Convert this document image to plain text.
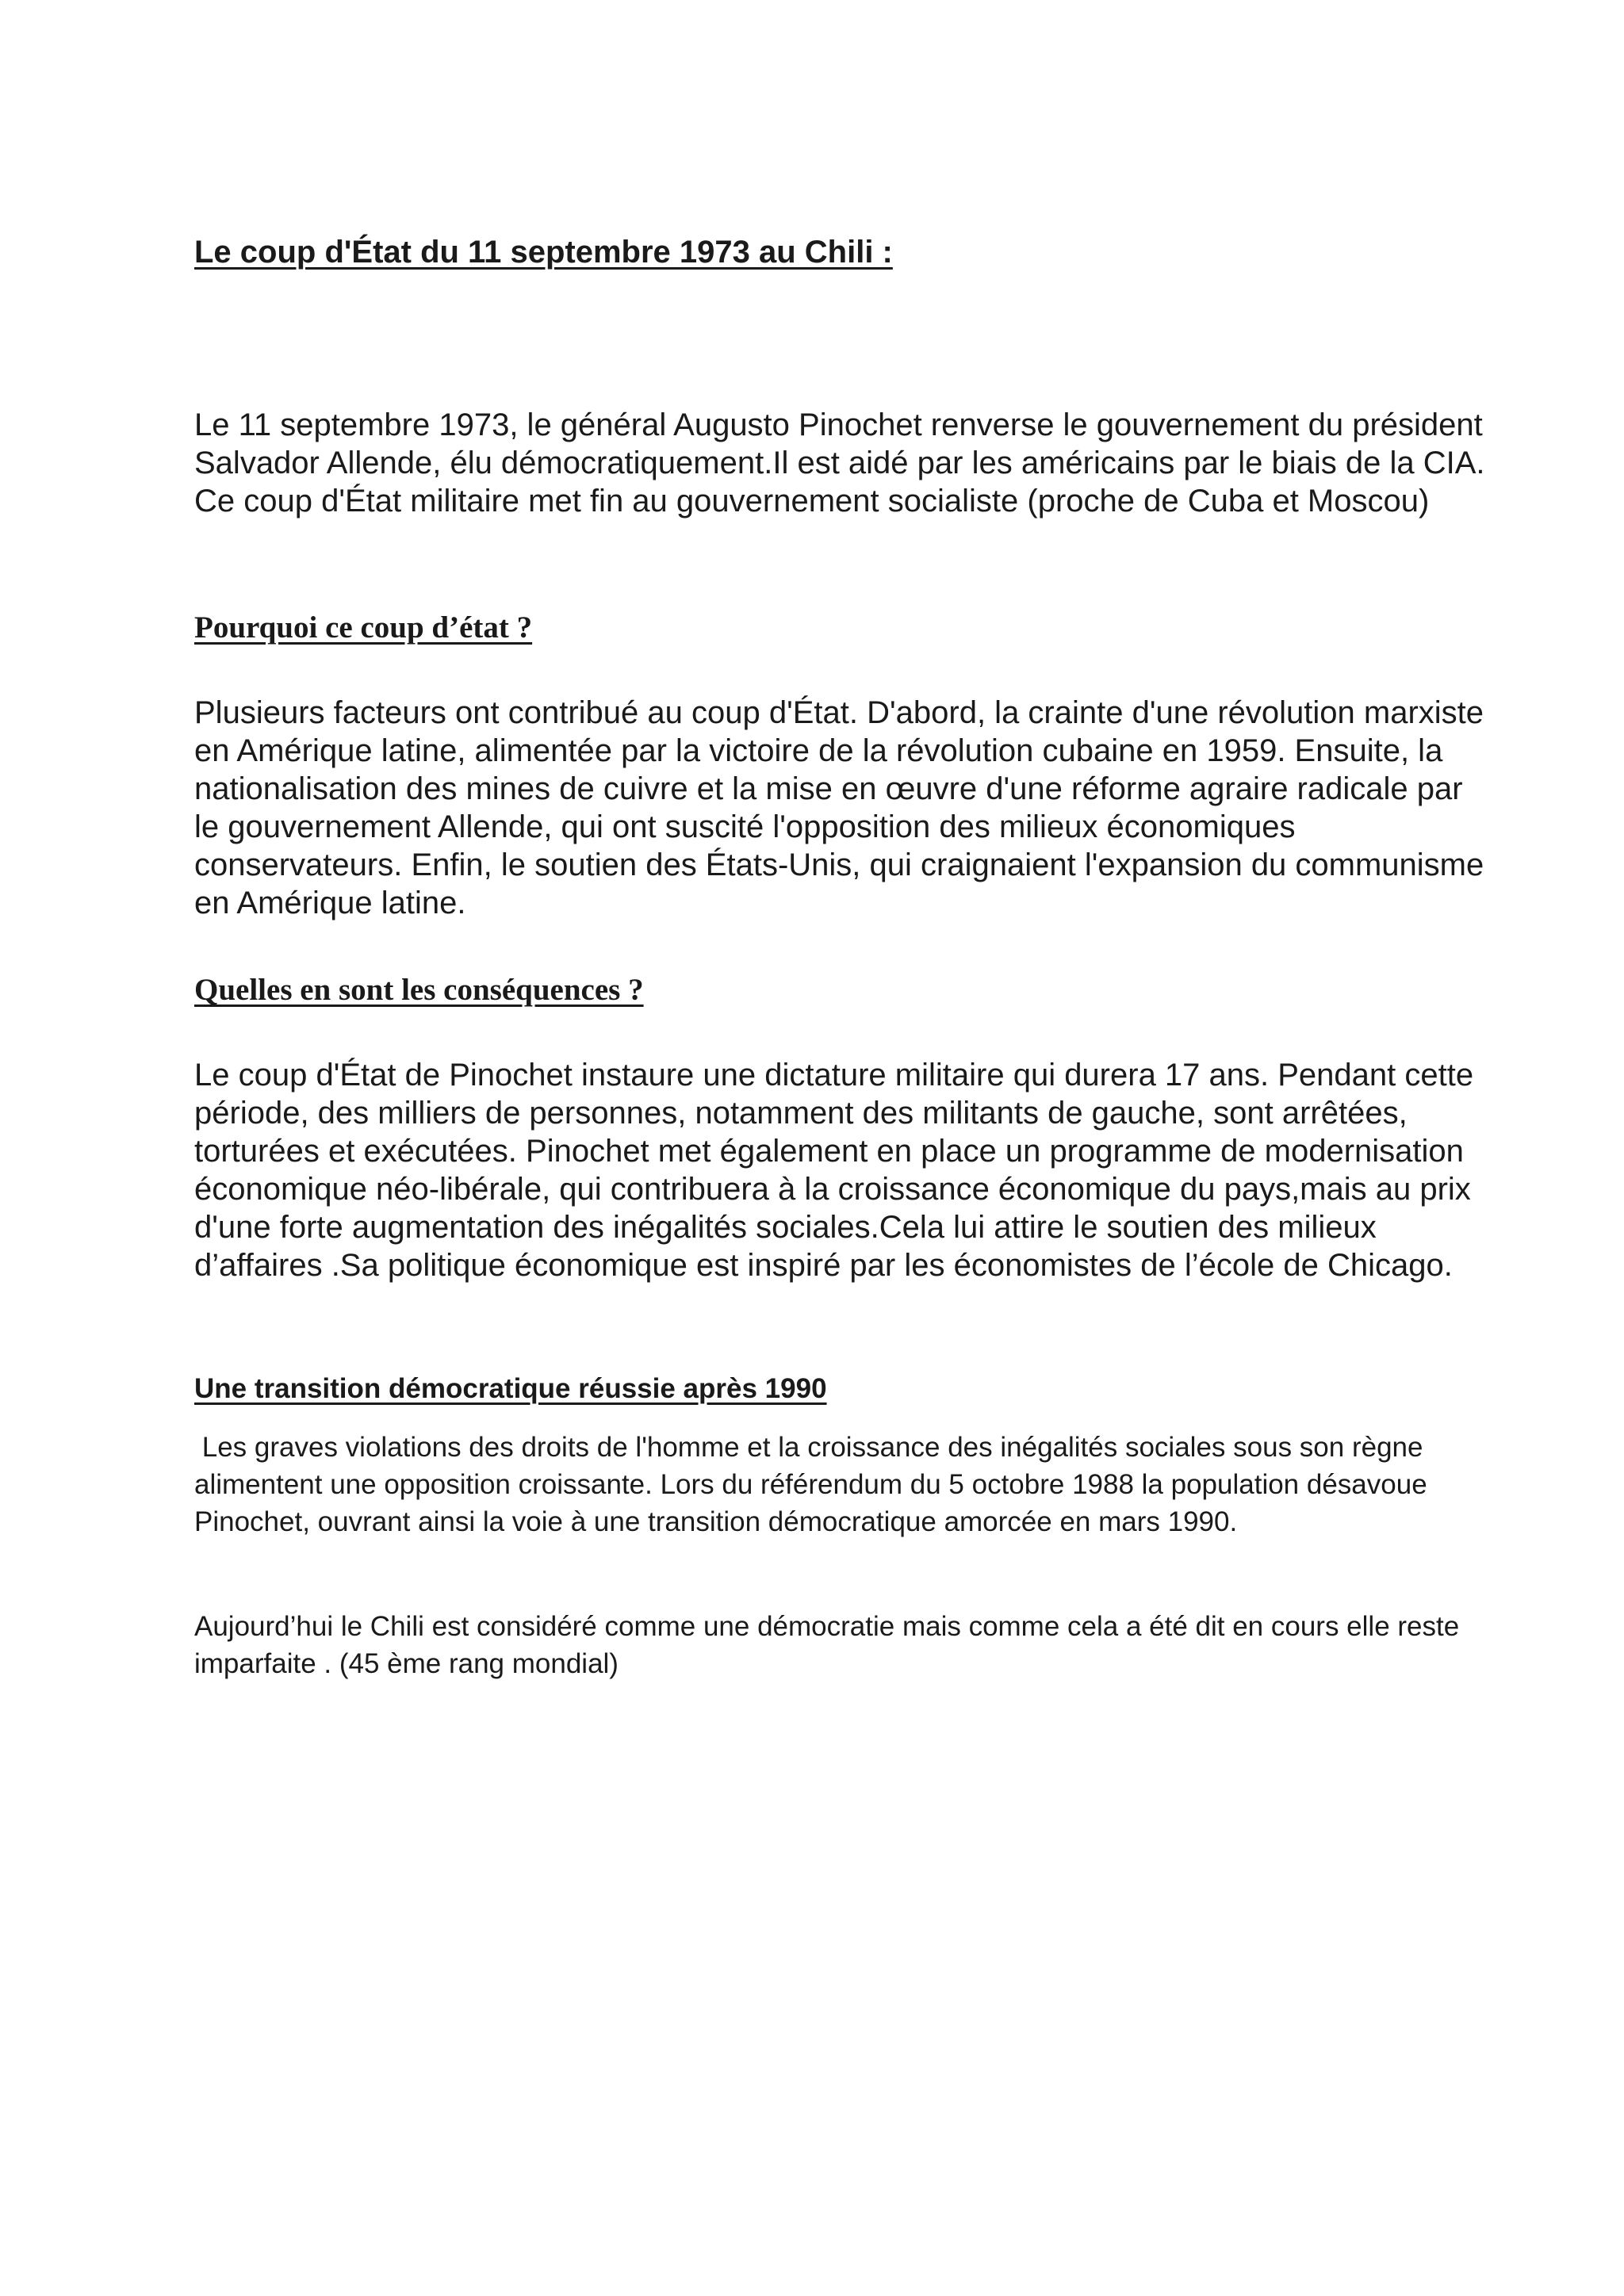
Le coup d'État du 11 septembre 1973 au Chili :

Le 11 septembre 1973, le général Augusto Pinochet renverse le gouvernement du président Salvador Allende, élu démocratiquement.Il est aidé par les américains par le biais de la CIA. Ce coup d'État militaire met fin au gouvernement socialiste (proche de Cuba et Moscou)

Pourquoi ce coup d’état ?

Plusieurs facteurs ont contribué au coup d'État. D'abord, la crainte d'une révolution marxiste en Amérique latine, alimentée par la victoire de la révolution cubaine en 1959. Ensuite, la nationalisation des mines de cuivre et la mise en œuvre d'une réforme agraire radicale par le gouvernement Allende, qui ont suscité l'opposition des milieux économiques conservateurs. Enfin, le soutien des États-Unis, qui craignaient l'expansion du communisme en Amérique latine.

Quelles en sont les conséquences ?

Le coup d'État de Pinochet instaure une dictature militaire qui durera 17 ans. Pendant cette période, des milliers de personnes, notamment des militants de gauche, sont arrêtées, torturées et exécutées. Pinochet met également en place un programme de modernisation économique néo-libérale, qui contribuera à la croissance économique du pays,mais au prix d'une forte augmentation des inégalités sociales.Cela lui attire le soutien des milieux d’affaires .Sa politique économique est inspiré par les économistes de l’école de Chicago.

Une transition démocratique réussie après 1990

Les graves violations des droits de l'homme et la croissance des inégalités sociales sous son règne alimentent une opposition croissante. Lors du référendum du 5 octobre 1988 la population désavoue Pinochet, ouvrant ainsi la voie à une transition démocratique amorcée en mars 1990.

Aujourd’hui le Chili est considéré comme une démocratie mais comme cela a été dit en cours elle reste imparfaite . (45 ème rang mondial)
